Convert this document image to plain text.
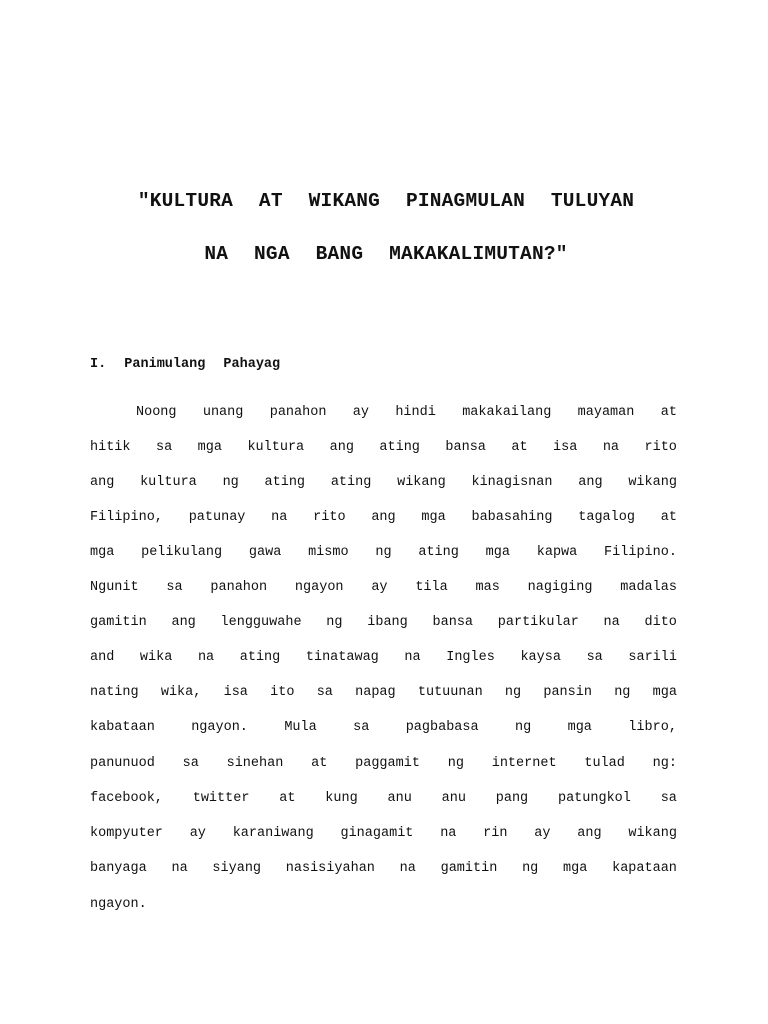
"KULTURA AT WIKANG PINAGMULAN TULUYAN
NA NGA BANG MAKAKALIMUTAN?"
I. Panimulang Pahayag
Noong unang panahon ay hindi makakailang mayaman at
hitik sa mga kultura ang ating bansa at isa na rito
ang kultura ng ating ating wikang kinagisnan ang wikang
Filipino, patunay na rito ang mga babasahing tagalog at
mga pelikulang gawa mismo ng ating mga kapwa Filipino.
Ngunit sa panahon ngayon ay tila mas nagiging madalas
gamitin ang lengguwahe ng ibang bansa partikular na dito
and wika na ating tinatawag na Ingles kaysa sa sarili
nating wika, isa ito sa napag tutuunan ng pansin ng mga
kabataan	ngayon.	Mula	sa	pagbabasa	ng	mga	libro,
panunuod sa sinehan at paggamit ng internet tulad ng:
facebook, twitter at kung anu anu pang patungkol sa
kompyuter ay karaniwang ginagamit na rin ay ang wikang
banyaga na siyang nasisiyahan na gamitin ng mga kapataan
ngayon.
